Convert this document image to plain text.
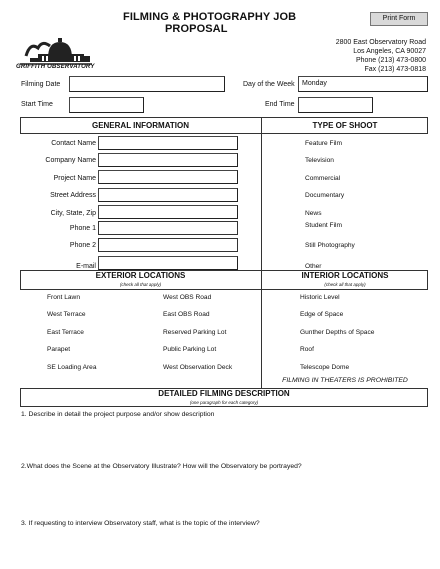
FILMING & PHOTOGRAPHY JOB
PROPOSAL
Print Form
GRIFFITH OBSERVATORY
2800 East Observatory Road
Los Angeles, CA 90027
Phone (213) 473-0800
Fax (213) 473-0818
Filming Date	Day of the Week	Monday
Start Time	End Time
GENERAL INFORMATION	TYPE OF SHOOT
Contact Name
Company Name
Project Name
Street Address
City, State, Zip
Phone 1
Phone 2
E-mail
Feature Film
Television
Commercial
Documentary
News
Student Film
Still Photography
Other
EXTERIOR LOCATIONS
(check all that apply)
INTERIOR LOCATIONS
(check all that apply)
Front Lawn
West Terrace
East Terrace
Parapet
SE Loading Area
West OBS Road
East OBS Road
Reserved Parking Lot
Public Parking Lot
West Observation Deck
Historic Level
Edge of Space
Gunther Depths of Space
Roof
Telescope Dome
FILMING IN THEATERS IS PROHIBITED
DETAILED FILMING DESCRIPTION
(one paragraph for each category)
1. Describe in detail the project purpose and/or show description
2.What does the Scene at the Observatory Illustrate? How will the Observatory be portrayed?
3. If requesting to interview Observatory staff, what is the topic of the interview?
